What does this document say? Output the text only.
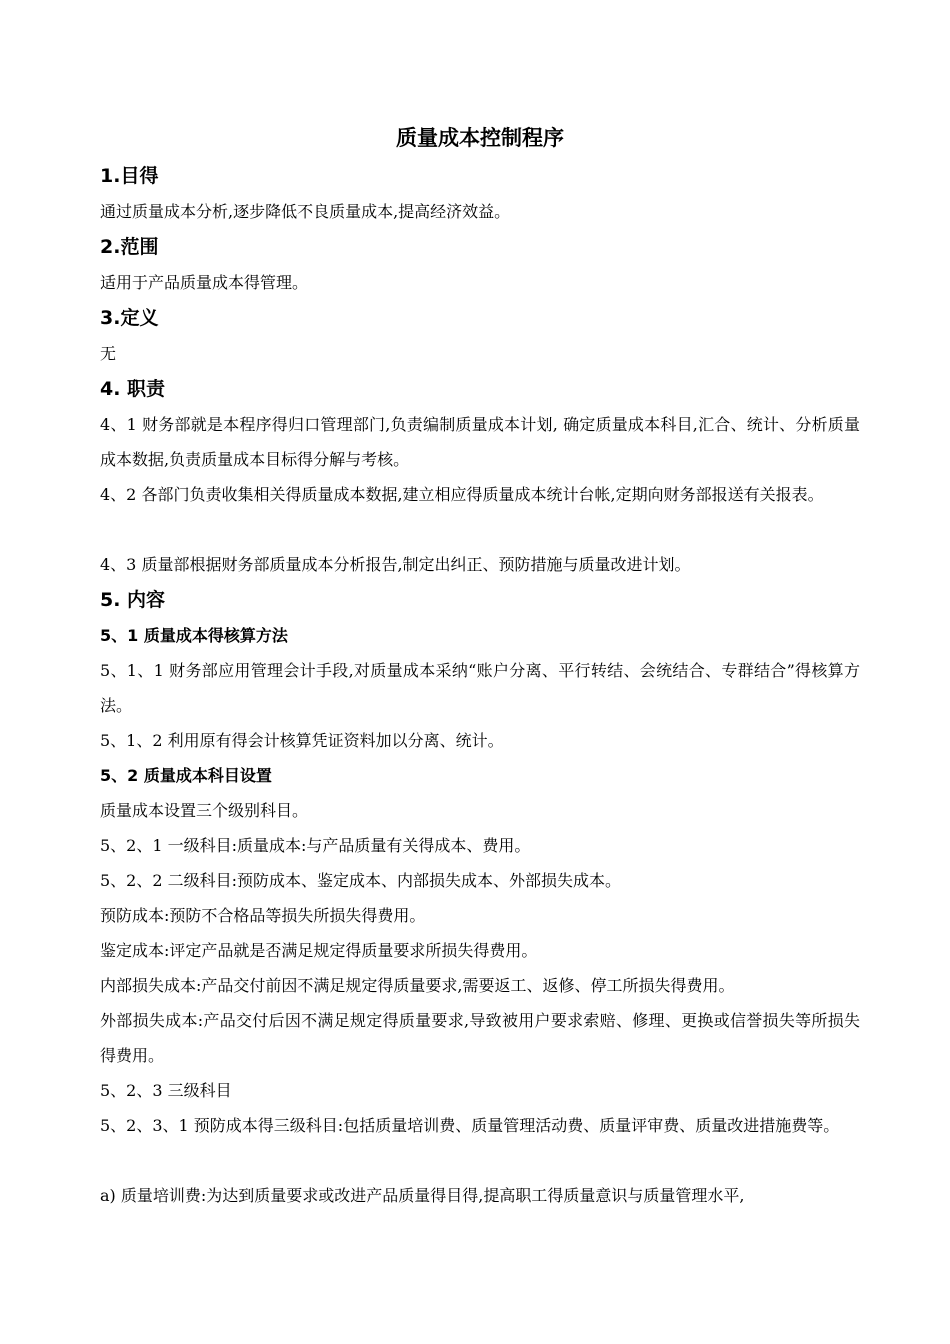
质量成本控制程序
1.目得
通过质量成本分析,逐步降低不良质量成本,提高经济效益。
2.范围
适用于产品质量成本得管理。
3.定义
无
4. 职责
4、1 财务部就是本程序得归口管理部门,负责编制质量成本计划, 确定质量成本科目,汇合、统计、分析质量成本数据,负责质量成本目标得分解与考核。
4、2 各部门负责收集相关得质量成本数据,建立相应得质量成本统计台帐,定期向财务部报送有关报表。
4、3 质量部根据财务部质量成本分析报告,制定出纠正、预防措施与质量改进计划。
5. 内容
5、1 质量成本得核算方法
5、1、1 财务部应用管理会计手段,对质量成本采纳“账户分离、平行转结、会统结合、专群结合”得核算方法。
5、1、2 利用原有得会计核算凭证资料加以分离、统计。
5、2 质量成本科目设置
质量成本设置三个级别科目。
5、2、1 一级科目:质量成本:与产品质量有关得成本、费用。
5、2、2 二级科目:预防成本、鉴定成本、内部损失成本、外部损失成本。
预防成本:预防不合格品等损失所损失得费用。
鉴定成本:评定产品就是否满足规定得质量要求所损失得费用。
内部损失成本:产品交付前因不满足规定得质量要求,需要返工、返修、停工所损失得费用。
外部损失成本:产品交付后因不满足规定得质量要求,导致被用户要求索赔、修理、更换或信誉损失等所损失得费用。
5、2、3 三级科目
5、2、3、1 预防成本得三级科目:包括质量培训费、质量管理活动费、质量评审费、质量改进措施费等。
a) 质量培训费:为达到质量要求或改进产品质量得目得,提高职工得质量意识与质量管理水平,
